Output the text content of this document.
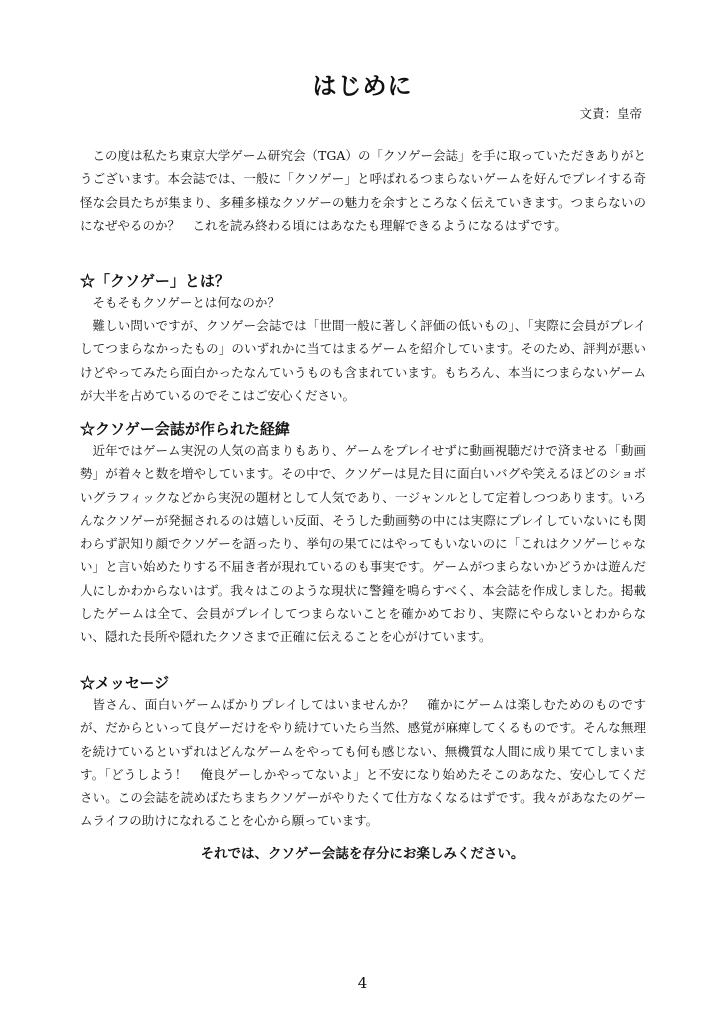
はじめに
文責：皇帝

この度は私たち東京大学ゲーム研究会（TGA）の「クソゲー会誌」を手に取っていただきありがとうございます。本会誌では、一般に「クソゲー」と呼ばれるつまらないゲームを好んでプレイする奇怪な会員たちが集まり、多種多様なクソゲーの魅力を余すところなく伝えていきます。つまらないのになぜやるのか？　これを読み終わる頃にはあなたも理解できるようになるはずです。

☆「クソゲー」とは？

そもそもクソゲーとは何なのか？

難しい問いですが、クソゲー会誌では「世間一般に著しく評価の低いもの」、「実際に会員がプレイしてつまらなかったもの」のいずれかに当てはまるゲームを紹介しています。そのため、評判が悪いけどやってみたら面白かったなんていうものも含まれています。もちろん、本当につまらないゲームが大半を占めているのでそこはご安心ください。

☆クソゲー会誌が作られた経緯

近年ではゲーム実況の人気の高まりもあり、ゲームをプレイせずに動画視聴だけで済ませる「動画勢」が着々と数を増やしています。その中で、クソゲーは見た目に面白いバグや笑えるほどのショボいグラフィックなどから実況の題材として人気であり、一ジャンルとして定着しつつあります。いろんなクソゲーが発掘されるのは嬉しい反面、そうした動画勢の中には実際にプレイしていないにも関わらず訳知り顔でクソゲーを語ったり、挙句の果てにはやってもいないのに「これはクソゲーじゃない」と言い始めたりする不届き者が現れているのも事実です。ゲームがつまらないかどうかは遊んだ人にしかわからないはず。我々はこのような現状に警鐘を鳴らすべく、本会誌を作成しました。掲載したゲームは全て、会員がプレイしてつまらないことを確かめており、実際にやらないとわからない、隠れた長所や隠れたクソさまで正確に伝えることを心がけています。

☆メッセージ

皆さん、面白いゲームばかりプレイしてはいませんか？　確かにゲームは楽しむためのものですが、だからといって良ゲーだけをやり続けていたら当然、感覚が麻痺してくるものです。そんな無理を続けているといずれはどんなゲームをやっても何も感じない、無機質な人間に成り果ててしまいます。「どうしよう！　俺良ゲーしかやってないよ」と不安になり始めたそこのあなた、安心してください。この会誌を読めばたちまちクソゲーがやりたくて仕方なくなるはずです。我々があなたのゲームライフの助けになれることを心から願っています。

それでは、クソゲー会誌を存分にお楽しみください。

4
